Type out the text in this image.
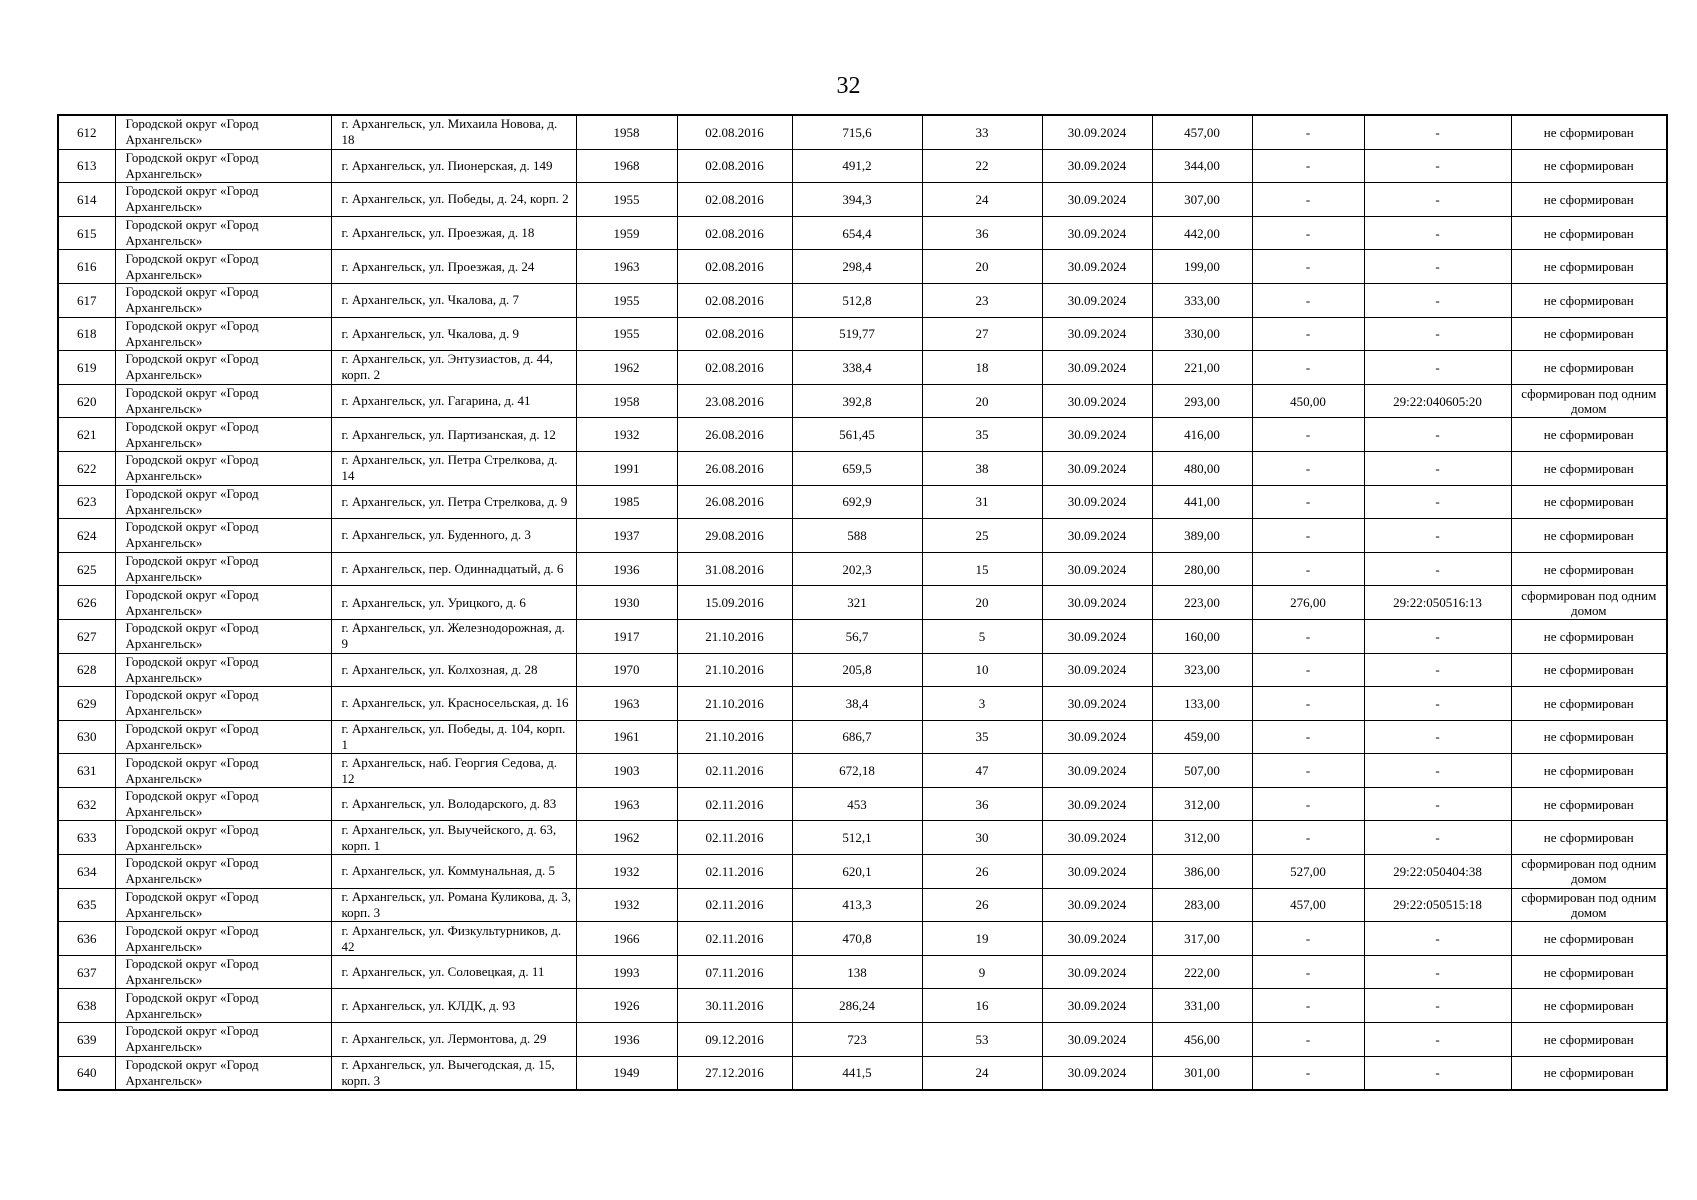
32
612	Городской округ «Город Архангельск»	г. Архангельск, ул. Михаила Новова, д. 18	1958	02.08.2016	715,6	33	30.09.2024	457,00	-	-	не сформирован
613	Городской округ «Город Архангельск»	г. Архангельск, ул. Пионерская, д. 149	1968	02.08.2016	491,2	22	30.09.2024	344,00	-	-	не сформирован
614	Городской округ «Город Архангельск»	г. Архангельск, ул. Победы, д. 24, корп. 2	1955	02.08.2016	394,3	24	30.09.2024	307,00	-	-	не сформирован
615	Городской округ «Город Архангельск»	г. Архангельск, ул. Проезжая, д. 18	1959	02.08.2016	654,4	36	30.09.2024	442,00	-	-	не сформирован
616	Городской округ «Город Архангельск»	г. Архангельск, ул. Проезжая, д. 24	1963	02.08.2016	298,4	20	30.09.2024	199,00	-	-	не сформирован
617	Городской округ «Город Архангельск»	г. Архангельск, ул. Чкалова, д. 7	1955	02.08.2016	512,8	23	30.09.2024	333,00	-	-	не сформирован
618	Городской округ «Город Архангельск»	г. Архангельск, ул. Чкалова, д. 9	1955	02.08.2016	519,77	27	30.09.2024	330,00	-	-	не сформирован
619	Городской округ «Город Архангельск»	г. Архангельск, ул. Энтузиастов, д. 44, корп. 2	1962	02.08.2016	338,4	18	30.09.2024	221,00	-	-	не сформирован
620	Городской округ «Город Архангельск»	г. Архангельск, ул. Гагарина, д. 41	1958	23.08.2016	392,8	20	30.09.2024	293,00	450,00	29:22:040605:20	сформирован под одним домом
621	Городской округ «Город Архангельск»	г. Архангельск, ул. Партизанская, д. 12	1932	26.08.2016	561,45	35	30.09.2024	416,00	-	-	не сформирован
622	Городской округ «Город Архангельск»	г. Архангельск, ул. Петра Стрелкова, д. 14	1991	26.08.2016	659,5	38	30.09.2024	480,00	-	-	не сформирован
623	Городской округ «Город Архангельск»	г. Архангельск, ул. Петра Стрелкова, д. 9	1985	26.08.2016	692,9	31	30.09.2024	441,00	-	-	не сформирован
624	Городской округ «Город Архангельск»	г. Архангельск, ул. Буденного, д. 3	1937	29.08.2016	588	25	30.09.2024	389,00	-	-	не сформирован
625	Городской округ «Город Архангельск»	г. Архангельск, пер. Одиннадцатый, д. 6	1936	31.08.2016	202,3	15	30.09.2024	280,00	-	-	не сформирован
626	Городской округ «Город Архангельск»	г. Архангельск, ул. Урицкого, д. 6	1930	15.09.2016	321	20	30.09.2024	223,00	276,00	29:22:050516:13	сформирован под одним домом
627	Городской округ «Город Архангельск»	г. Архангельск, ул. Железнодорожная, д. 9	1917	21.10.2016	56,7	5	30.09.2024	160,00	-	-	не сформирован
628	Городской округ «Город Архангельск»	г. Архангельск, ул. Колхозная, д. 28	1970	21.10.2016	205,8	10	30.09.2024	323,00	-	-	не сформирован
629	Городской округ «Город Архангельск»	г. Архангельск, ул. Красносельская, д. 16	1963	21.10.2016	38,4	3	30.09.2024	133,00	-	-	не сформирован
630	Городской округ «Город Архангельск»	г. Архангельск, ул. Победы, д. 104, корп. 1	1961	21.10.2016	686,7	35	30.09.2024	459,00	-	-	не сформирован
631	Городской округ «Город Архангельск»	г. Архангельск, наб. Георгия Седова, д. 12	1903	02.11.2016	672,18	47	30.09.2024	507,00	-	-	не сформирован
632	Городской округ «Город Архангельск»	г. Архангельск, ул. Володарского, д. 83	1963	02.11.2016	453	36	30.09.2024	312,00	-	-	не сформирован
633	Городской округ «Город Архангельск»	г. Архангельск, ул. Выучейского, д. 63, корп. 1	1962	02.11.2016	512,1	30	30.09.2024	312,00	-	-	не сформирован
634	Городской округ «Город Архангельск»	г. Архангельск, ул. Коммунальная, д. 5	1932	02.11.2016	620,1	26	30.09.2024	386,00	527,00	29:22:050404:38	сформирован под одним домом
635	Городской округ «Город Архангельск»	г. Архангельск, ул. Романа Куликова, д. 3, корп. 3	1932	02.11.2016	413,3	26	30.09.2024	283,00	457,00	29:22:050515:18	сформирован под одним домом
636	Городской округ «Город Архангельск»	г. Архангельск, ул. Физкультурников, д. 42	1966	02.11.2016	470,8	19	30.09.2024	317,00	-	-	не сформирован
637	Городской округ «Город Архангельск»	г. Архангельск, ул. Соловецкая, д. 11	1993	07.11.2016	138	9	30.09.2024	222,00	-	-	не сформирован
638	Городской округ «Город Архангельск»	г. Архангельск, ул. КЛДК, д. 93	1926	30.11.2016	286,24	16	30.09.2024	331,00	-	-	не сформирован
639	Городской округ «Город Архангельск»	г. Архангельск, ул. Лермонтова, д. 29	1936	09.12.2016	723	53	30.09.2024	456,00	-	-	не сформирован
640	Городской округ «Город Архангельск»	г. Архангельск, ул. Вычегодская, д. 15, корп. 3	1949	27.12.2016	441,5	24	30.09.2024	301,00	-	-	не сформирован
